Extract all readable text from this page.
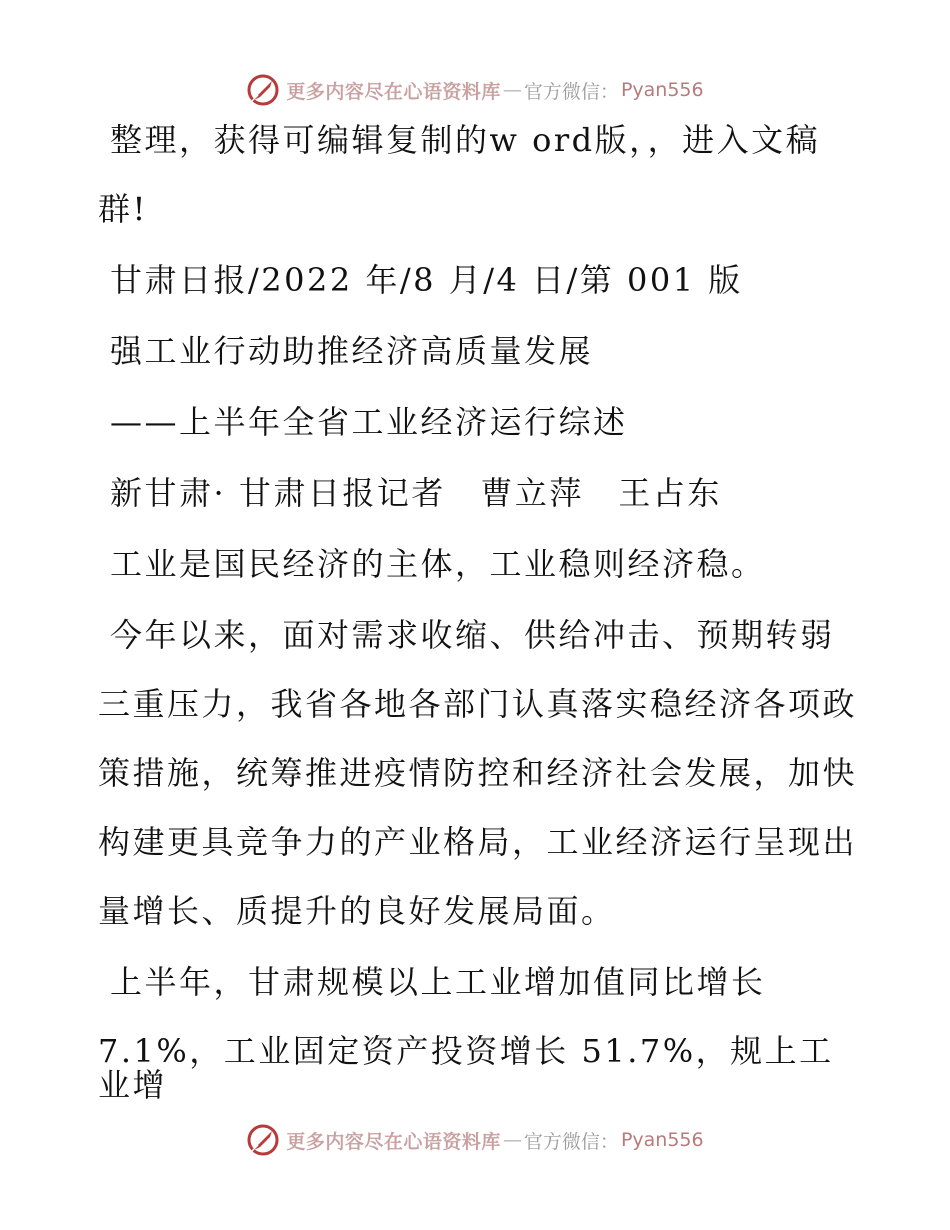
更多内容尽在心语资料库 — 官方微信： Pyan556
整理，获得可编辑复制的w ord版，，进入文稿
群!
甘肃日报/2022 年/8 月/4 日/第 001 版
强工业行动助推经济高质量发展
——上半年全省工业经济运行综述
新甘肃· 甘肃日报记者　曹立萍　王占东
工业是国民经济的主体，工业稳则经济稳。
今年以来，面对需求收缩、供给冲击、预期转弱
三重压力，我省各地各部门认真落实稳经济各项政
策措施，统筹推进疫情防控和经济社会发展，加快
构建更具竞争力的产业格局，工业经济运行呈现出
量增长、质提升的良好发展局面。
上半年，甘肃规模以上工业增加值同比增长
7.1%，工业固定资产投资增长 51.7%，规上工业增
更多内容尽在心语资料库 — 官方微信： Pyan556
